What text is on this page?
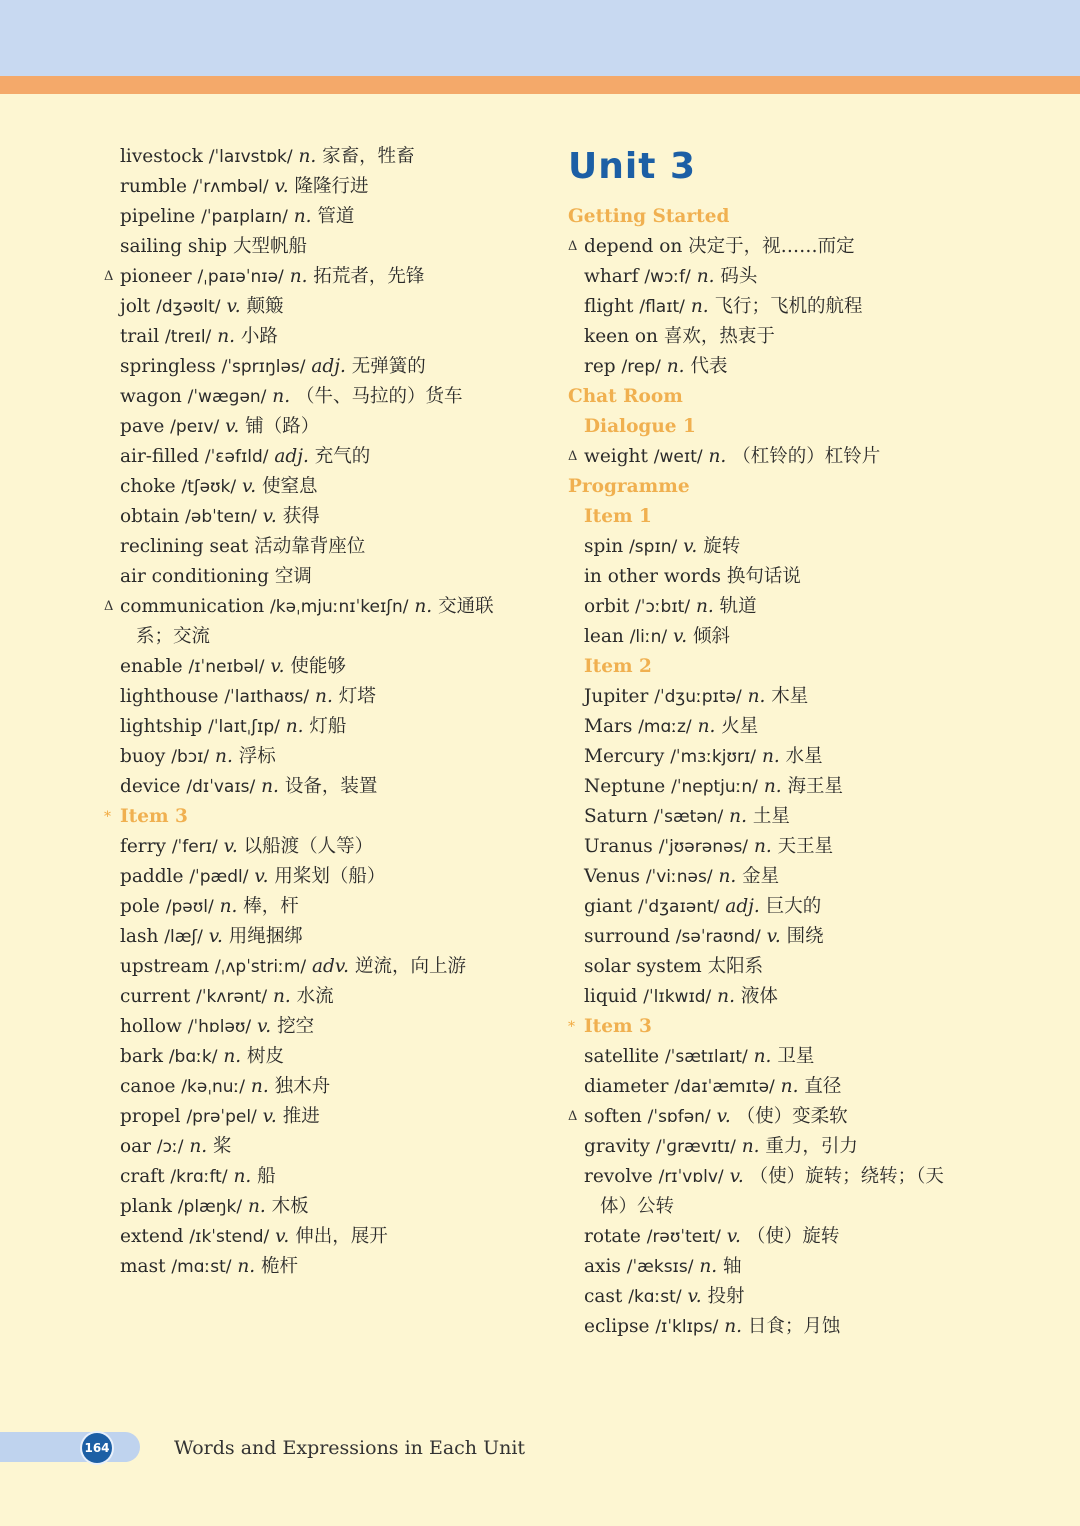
livestock /ˈlaɪvstɒk/ n. 家畜，牲畜
rumble /ˈrʌmbəl/ v. 隆隆行进
pipeline /ˈpaɪplaɪn/ n. 管道
sailing ship 大型帆船
Δ pioneer /ˌpaɪəˈnɪə/ n. 拓荒者，先锋
jolt /dʒəʊlt/ v. 颠簸
trail /treɪl/ n. 小路
springless /ˈsprɪŋləs/ adj. 无弹簧的
wagon /ˈwæɡən/ n. （牛、马拉的）货车
pave /peɪv/ v. 铺（路）
air-filled /ˈɛəfɪld/ adj. 充气的
choke /tʃəʊk/ v. 使窒息
obtain /əbˈteɪn/ v. 获得
reclining seat 活动靠背座位
air conditioning 空调
Δ communication /kəˌmjuːnɪˈkeɪʃn/ n. 交通联
系；交流
enable /ɪˈneɪbəl/ v. 使能够
lighthouse /ˈlaɪthaʊs/ n. 灯塔
lightship /ˈlaɪtˌʃɪp/ n. 灯船
buoy /bɔɪ/ n. 浮标
device /dɪˈvaɪs/ n. 设备，装置
* Item 3
ferry /ˈferɪ/ v. 以船渡（人等）
paddle /ˈpædl/ v. 用桨划（船）
pole /pəʊl/ n. 棒，杆
lash /læʃ/ v. 用绳捆绑
upstream /ˌʌpˈstriːm/ adv. 逆流，向上游
current /ˈkʌrənt/ n. 水流
hollow /ˈhɒləʊ/ v. 挖空
bark /bɑːk/ n. 树皮
canoe /kəˌnuː/ n. 独木舟
propel /prəˈpel/ v. 推进
oar /ɔː/ n. 桨
craft /krɑːft/ n. 船
plank /plæŋk/ n. 木板
extend /ɪkˈstend/ v. 伸出，展开
mast /mɑːst/ n. 桅杆
Unit 3
Getting Started
Δ depend on 决定于，视……而定
wharf /wɔːf/ n. 码头
flight /flaɪt/ n. 飞行；飞机的航程
keen on 喜欢，热衷于
rep /rep/ n. 代表
Chat Room
Dialogue 1
Δ weight /weɪt/ n. （杠铃的）杠铃片
Programme
Item 1
spin /spɪn/ v. 旋转
in other words 换句话说
orbit /ˈɔːbɪt/ n. 轨道
lean /liːn/ v. 倾斜
Item 2
Jupiter /ˈdʒuːpɪtə/ n. 木星
Mars /mɑːz/ n. 火星
Mercury /ˈmɜːkjʊrɪ/ n. 水星
Neptune /ˈneptjuːn/ n. 海王星
Saturn /ˈsætən/ n. 土星
Uranus /ˈjʊərənəs/ n. 天王星
Venus /ˈviːnəs/ n. 金星
giant /ˈdʒaɪənt/ adj. 巨大的
surround /səˈraʊnd/ v. 围绕
solar system 太阳系
liquid /ˈlɪkwɪd/ n. 液体
* Item 3
satellite /ˈsætɪlaɪt/ n. 卫星
diameter /daɪˈæmɪtə/ n. 直径
Δ soften /ˈsɒfən/ v. （使）变柔软
gravity /ˈɡrævɪtɪ/ n. 重力，引力
revolve /rɪˈvɒlv/ v. （使）旋转；绕转；（天
体）公转
rotate /rəʊˈteɪt/ v. （使）旋转
axis /ˈæksɪs/ n. 轴
cast /kɑːst/ v. 投射
eclipse /ɪˈklɪps/ n. 日食；月蚀
164	Words and Expressions in Each Unit
